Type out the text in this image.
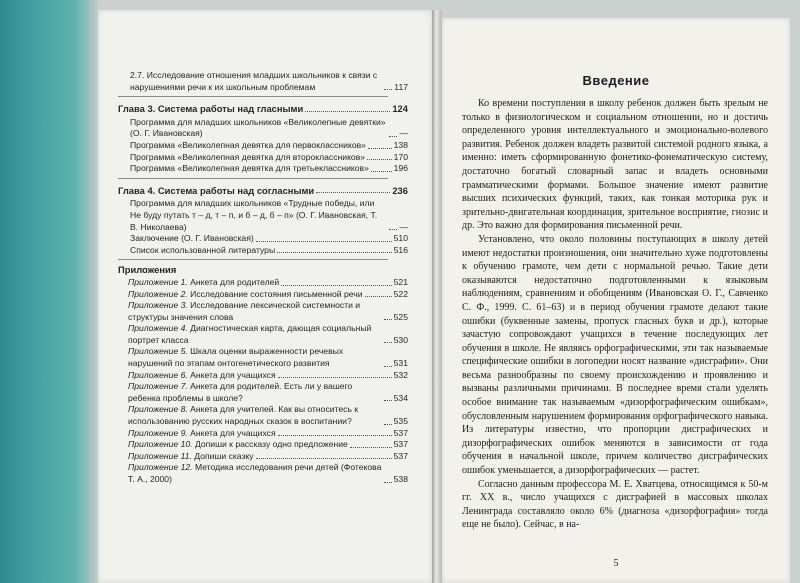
2.7. Исследование отношения младших школьников к связи с нарушениями речи к их школьным проблемам	117
Глава 3. Система работы над гласными	124
Программа для младших школьников «Великолепные девятки» (О. Г. Ивановская)	—
Программа «Великолепная девятка для первоклассников»	138
Программа «Великолепная девятка для второклассников»	170
Программа «Великолепная девятка для третьеклассников»	196
Глава 4. Система работы над согласными	236
Программа для младших школьников «Трудные победы, или Не буду путать т – д, т – п, и б – д, б – п» (О. Г. Ивановская, Т. В. Николаева)	—
Заключение (О. Г. Ивановская)	510
Список использованной литературы	516
Приложения
Приложение 1. Анкета для родителей	521
Приложение 2. Исследование состояния письменной речи	522
Приложение 3. Исследование лексической системности и структуры значения слова	525
Приложение 4. Диагностическая карта, дающая социальный портрет класса	530
Приложение 5. Шкала оценки выраженности речевых нарушений по этапам онтогенетического развития	531
Приложение 6. Анкета для учащихся	532
Приложение 7. Анкета для родителей. Есть ли у вашего ребенка проблемы в школе?	534
Приложение 8. Анкета для учителей. Как вы относитесь к использованию русских народных сказок в воспитании?	535
Приложение 9. Анкета для учащихся	537
Приложение 10. Допиши к рассказу одно предложение	537
Приложение 11. Допиши сказку	537
Приложение 12. Методика исследования речи детей (Фотекова Т. А., 2000)	538
Введение

Ко времени поступления в школу ребенок должен быть зрелым не только в физиологическом и социальном отношении, но и достичь определенного уровня интеллектуального и эмоционально-волевого развития. Ребенок должен владеть развитой системой родного языка, а именно: иметь сформированную фонетико-фонематическую систему, достаточно богатый словарный запас и владеть основными грамматическими формами. Большое значение имеют развитие высших психических функций, таких, как тонкая моторика рук и зрительно-двигательная координация, зрительное восприятие, гнозис и др. Это важно для формирования письменной речи.

Установлено, что около половины поступающих в школу детей имеют недостатки произношения, они значительно хуже подготовлены к обучению грамоте, чем дети с нормальной речью. Такие дети оказываются недостаточно подготовленными к языковым наблюдениям, сравнениям и обобщениям (Ивановская О. Г., Савченко С. Ф., 1999. С. 61–63) и в период обучения грамоте делают такие ошибки (буквенные замены, пропуск гласных букв и др.), которые зачастую сопровождают учащихся в течение последующих лет обучения в школе. Не являясь орфографическими, эти так называемые специфические ошибки в логопедии носят название «дисграфии». Они весьма разнообразны по своему происхождению и проявлению и вызваны различными причинами. В последнее время стали уделять особое внимание так называемым «дизорфографическим ошибкам», обусловленным нарушением формирования орфографического навыка. Из литературы известно, что пропорции дисграфических и дизорфографических ошибок меняются в зависимости от года обучения в начальной школе, причем количество дисграфических ошибок уменьшается, а дизорфографических — растет.

Согласно данным профессора М. Е. Хватцева, относящимся к 50-м гг. XX в., число учащихся с дисграфией в массовых школах Ленинграда составляло около 6% (диагноза «дизорфография» тогда еще не было). Сейчас, в на-

5
